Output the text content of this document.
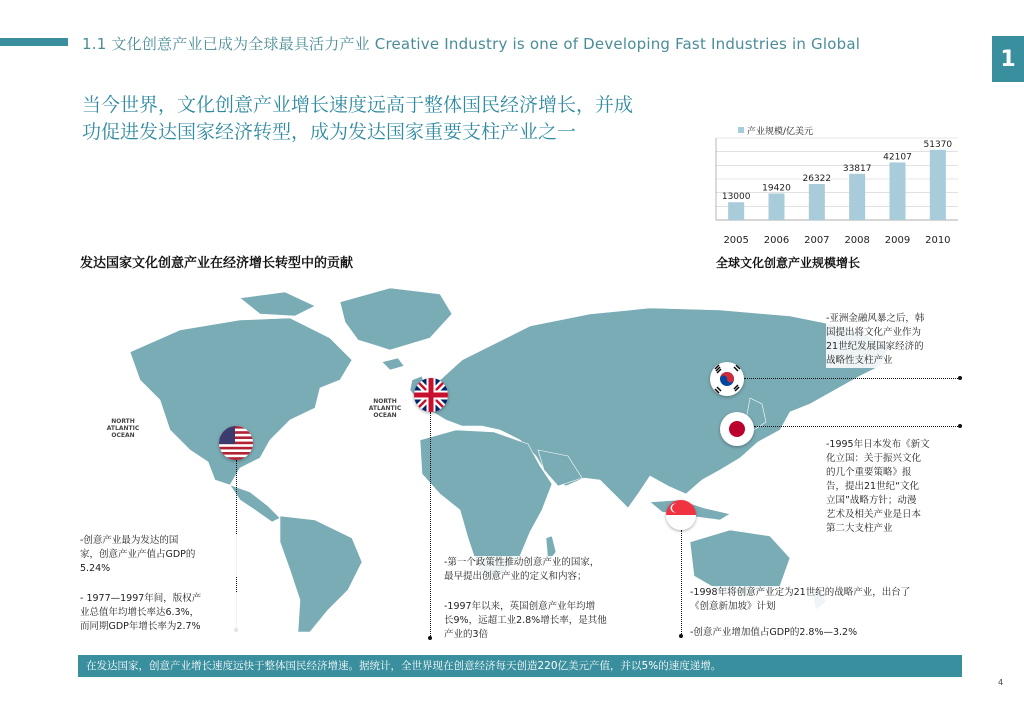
1.1 文化创意产业已成为全球最具活力产业 Creative Industry is one of Developing Fast Industries in Global
1
当今世界，文化创意产业增长速度远高于整体国民经济增长，并成
功促进发达国家经济转型，成为发达国家重要支柱产业之一	产业规模/亿美元
13000
2005
19420
2006
26322
2007
33817
2008
42107
2009
51370
2010
全球文化创意产业规模增长
发达国家文化创意产业在经济增长转型中的贡献
NORTH
ATLANTIC
OCEAN
NORTH
ATLANTIC
OCEAN
-创意产业最为发达的国
家，创意产业产值占GDP的
5.24%
- 1977—1997年间，版权产
业总值年均增长率达6.3%，
而同期GDP年增长率为2.7%
-第一个政策性推动创意产业的国家，
最早提出创意产业的定义和内容；
-1997年以来，英国创意产业年均增
长9%，远超工业2.8%增长率，是其他
产业的3倍
-亚洲金融风暴之后，韩
国提出将文化产业作为
21世纪发展国家经济的
战略性支柱产业
-1995年日本发布《新文
化立国：关于振兴文化
的几个重要策略》报
告，提出21世纪“文化
立国”战略方针；动漫
艺术及相关产业是日本
第二大支柱产业
-1998年将创意产业定为21世纪的战略产业，出台了
《创意新加坡》计划
-创意产业增加值占GDP的2.8%—3.2%
在发达国家，创意产业增长速度远快于整体国民经济增速。据统计，全世界现在创意经济每天创造220亿美元产值，并以5%的速度递增。
4
